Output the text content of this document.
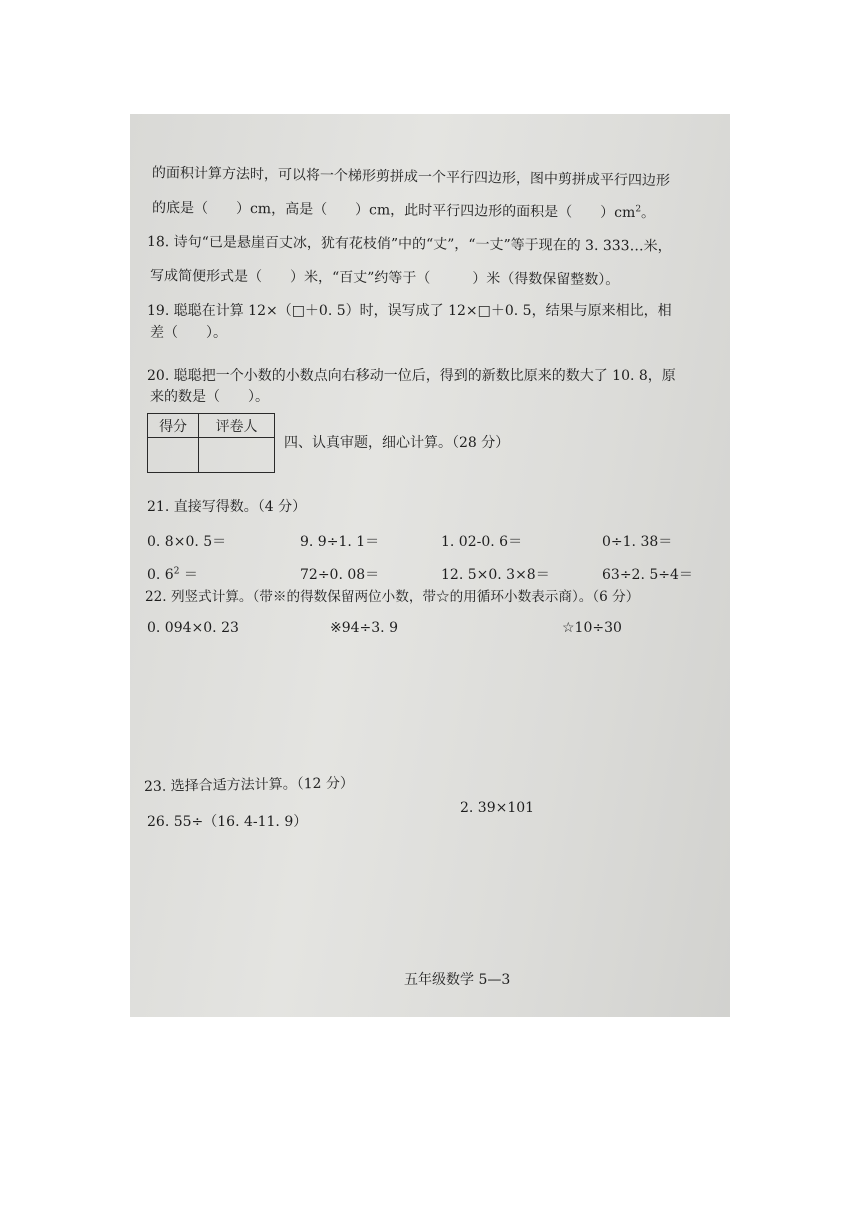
的面积计算方法时，可以将一个梯形剪拼成一个平行四边形，图中剪拼成平行四边形
的底是（　　）cm，高是（　　）cm，此时平行四边形的面积是（　　）$cm^2$。
18. 诗句“已是悬崖百丈冰，犹有花枝俏”中的“丈”，“一丈”等于现在的 3. 333…米，
写成简便形式是（　　）米，“百丈”约等于（　　　）米（得数保留整数）。
19. 聪聪在计算 12×（□＋0. 5）时，误写成了 12×□＋0. 5，结果与原来相比，相
差（　　）。
20. 聪聪把一个小数的小数点向右移动一位后，得到的新数比原来的数大了 10. 8，原
来的数是（　　）。
得分	评卷人

四、认真审题，细心计算。（28 分）
21. 直接写得数。（4 分）
0. 8×0. 5＝	9. 9÷1. 1＝	1. 02-0. 6＝	0÷1. 38＝
0. $6^2$ ＝	72÷0. 08＝	12. 5×0. 3×8＝	63÷2. 5÷4＝
22. 列竖式计算。（带※的得数保留两位小数，带☆的用循环小数表示商）。（6 分）
0. 094×0. 23	※94÷3. 9	☆10÷30
23. 选择合适方法计算。（12 分）
26. 55÷（16. 4-11. 9）
2. 39×101
五年级数学 5—3
